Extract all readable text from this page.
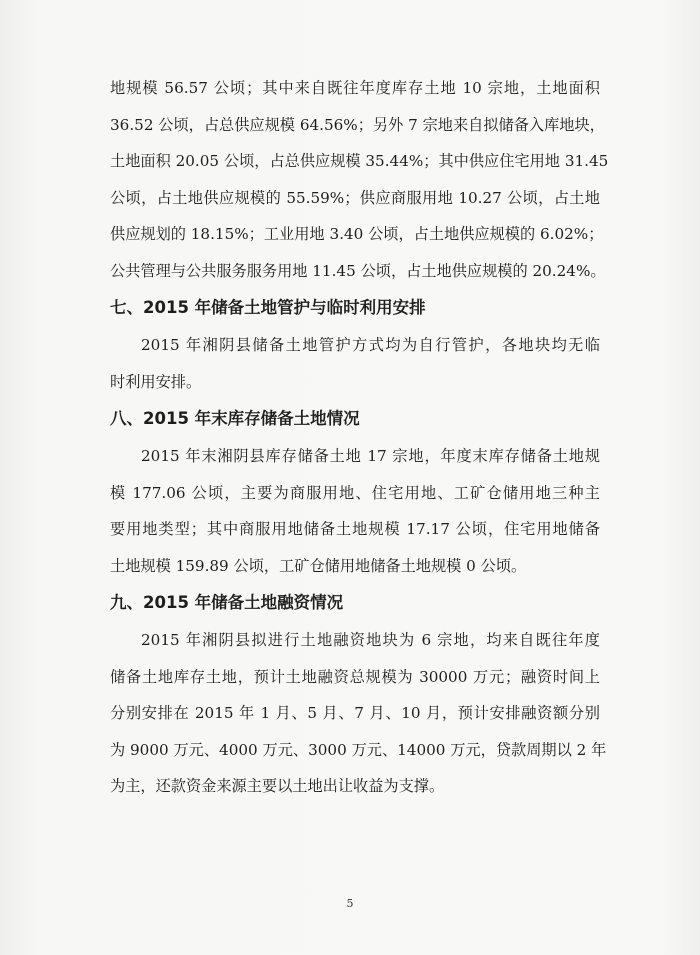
地规模 56.57 公顷；其中来自既往年度库存土地 10 宗地，土地面积
36.52 公顷，占总供应规模 64.56%；另外 7 宗地来自拟储备入库地块，
土地面积 20.05 公顷，占总供应规模 35.44%；其中供应住宅用地 31.45
公顷，占土地供应规模的 55.59%；供应商服用地 10.27 公顷，占土地
供应规划的 18.15%；工业用地 3.40 公顷，占土地供应规模的 6.02%；
公共管理与公共服务服务用地 11.45 公顷，占土地供应规模的 20.24%。
七、2015 年储备土地管护与临时利用安排
2015 年湘阴县储备土地管护方式均为自行管护，各地块均无临
时利用安排。
八、2015 年末库存储备土地情况
2015 年末湘阴县库存储备土地 17 宗地，年度末库存储备土地规
模 177.06 公顷，主要为商服用地、住宅用地、工矿仓储用地三种主
要用地类型；其中商服用地储备土地规模 17.17 公顷，住宅用地储备
土地规模 159.89 公顷，工矿仓储用地储备土地规模 0 公顷。
九、2015 年储备土地融资情况
2015 年湘阴县拟进行土地融资地块为 6 宗地，均来自既往年度
储备土地库存土地，预计土地融资总规模为 30000 万元；融资时间上
分别安排在 2015 年 1 月、5 月、7 月、10 月，预计安排融资额分别
为 9000 万元、4000 万元、3000 万元、14000 万元，贷款周期以 2 年
为主，还款资金来源主要以土地出让收益为支撑。
5
